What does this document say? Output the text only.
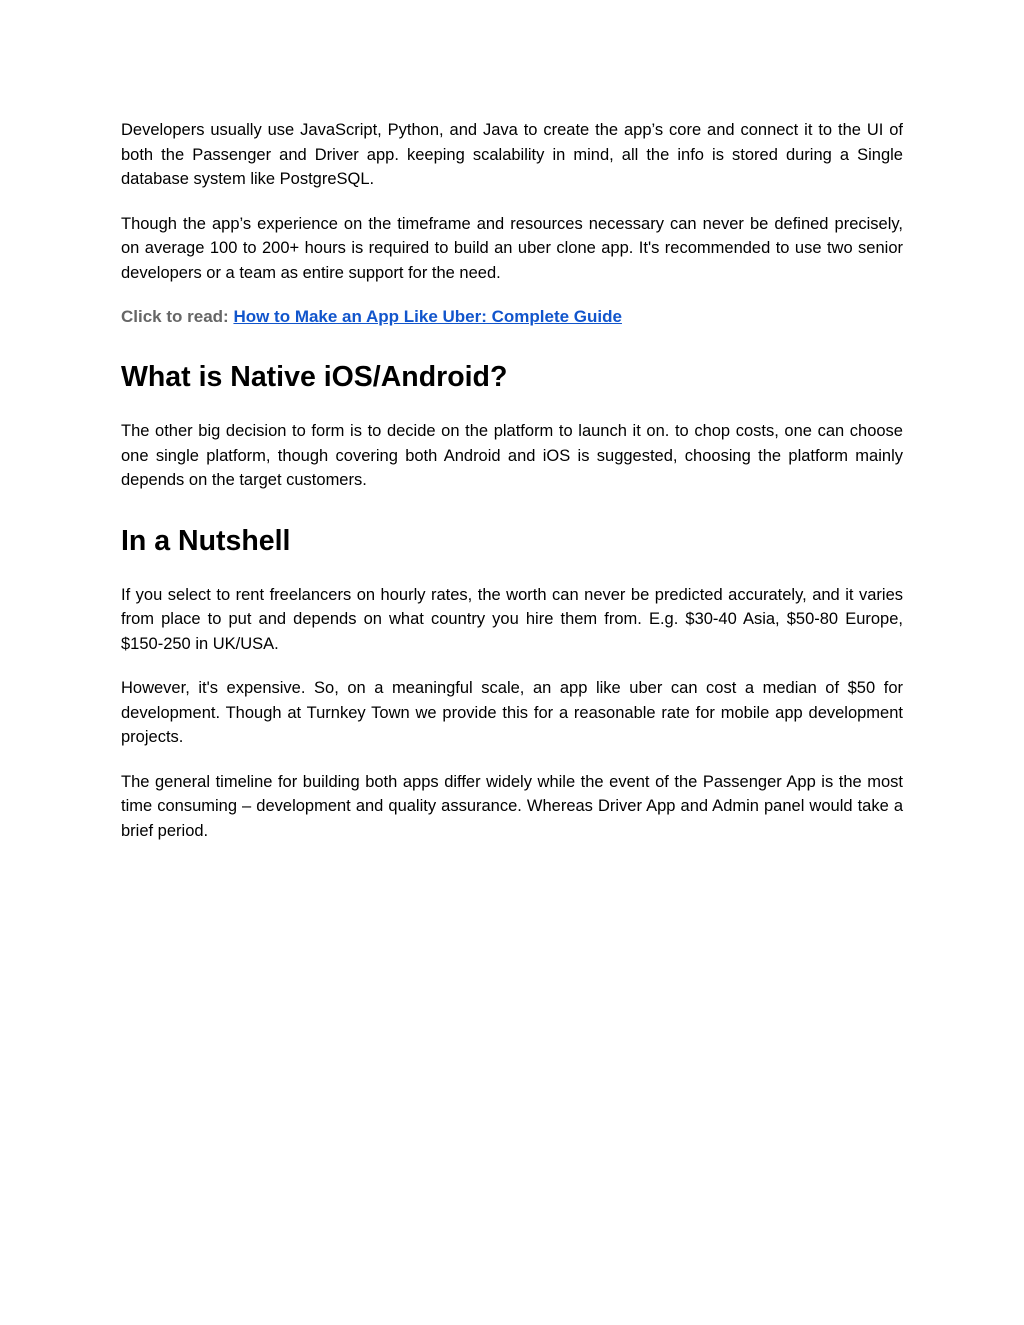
Developers usually use JavaScript, Python, and Java to create the app’s core and connect it to the UI of both the Passenger and Driver app. keeping scalability in mind, all the info is stored during a Single database system like PostgreSQL.

Though the app’s experience on the timeframe and resources necessary can never be defined precisely, on average 100 to 200+ hours is required to build an uber clone app. It's recommended to use two senior developers or a team as entire support for the need.

Click to read: How to Make an App Like Uber: Complete Guide

What is Native iOS/Android?

The other big decision to form is to decide on the platform to launch it on. to chop costs, one can choose one single platform, though covering both Android and iOS is suggested, choosing the platform mainly depends on the target customers.

In a Nutshell

If you select to rent freelancers on hourly rates, the worth can never be predicted accurately, and it varies from place to put and depends on what country you hire them from. E.g. $30-40 Asia, $50-80 Europe, $150-250 in UK/USA.

However, it's expensive. So, on a meaningful scale, an app like uber can cost a median of $50 for development. Though at Turnkey Town we provide this for a reasonable rate for mobile app development projects.

The general timeline for building both apps differ widely while the event of the Passenger App is the most time consuming – development and quality assurance. Whereas Driver App and Admin panel would take a brief period.
